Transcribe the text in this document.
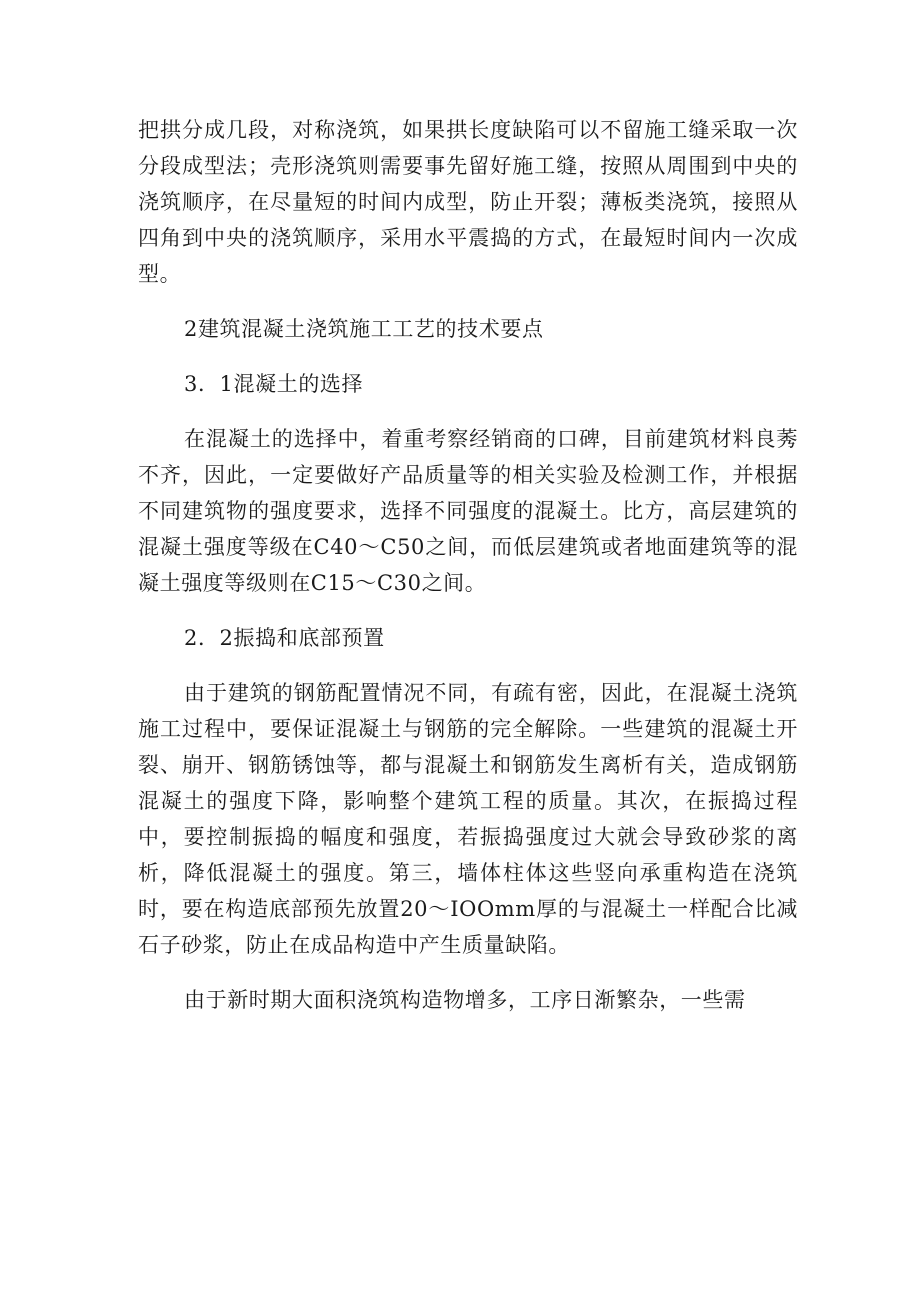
把拱分成几段，对称浇筑，如果拱长度缺陷可以不留施工缝采取一次分段成型法；壳形浇筑则需要事先留好施工缝，按照从周围到中央的浇筑顺序，在尽量短的时间内成型，防止开裂；薄板类浇筑，接照从四角到中央的浇筑顺序，采用水平震捣的方式，在最短时间内一次成型。

2建筑混凝土浇筑施工工艺的技术要点

3．1混凝土的选择

在混凝土的选择中，着重考察经销商的口碑，目前建筑材料良莠不齐，因此，一定要做好产品质量等的相关实验及检测工作，并根据不同建筑物的强度要求，选择不同强度的混凝土。比方，高层建筑的混凝土强度等级在C40～C50之间，而低层建筑或者地面建筑等的混凝土强度等级则在C15～C30之间。

2．2振捣和底部预置

由于建筑的钢筋配置情况不同，有疏有密，因此，在混凝土浇筑施工过程中，要保证混凝土与钢筋的完全解除。一些建筑的混凝土开裂、崩开、钢筋锈蚀等，都与混凝土和钢筋发生离析有关，造成钢筋混凝土的强度下降，影响整个建筑工程的质量。其次，在振捣过程中，要控制振捣的幅度和强度，若振捣强度过大就会导致砂浆的离析，降低混凝土的强度。第三，墙体柱体这些竖向承重构造在浇筑时，要在构造底部预先放置20～IOOmm厚的与混凝土一样配合比减石子砂浆，防止在成品构造中产生质量缺陷。

由于新时期大面积浇筑构造物增多，工序日渐繁杂，一些需
